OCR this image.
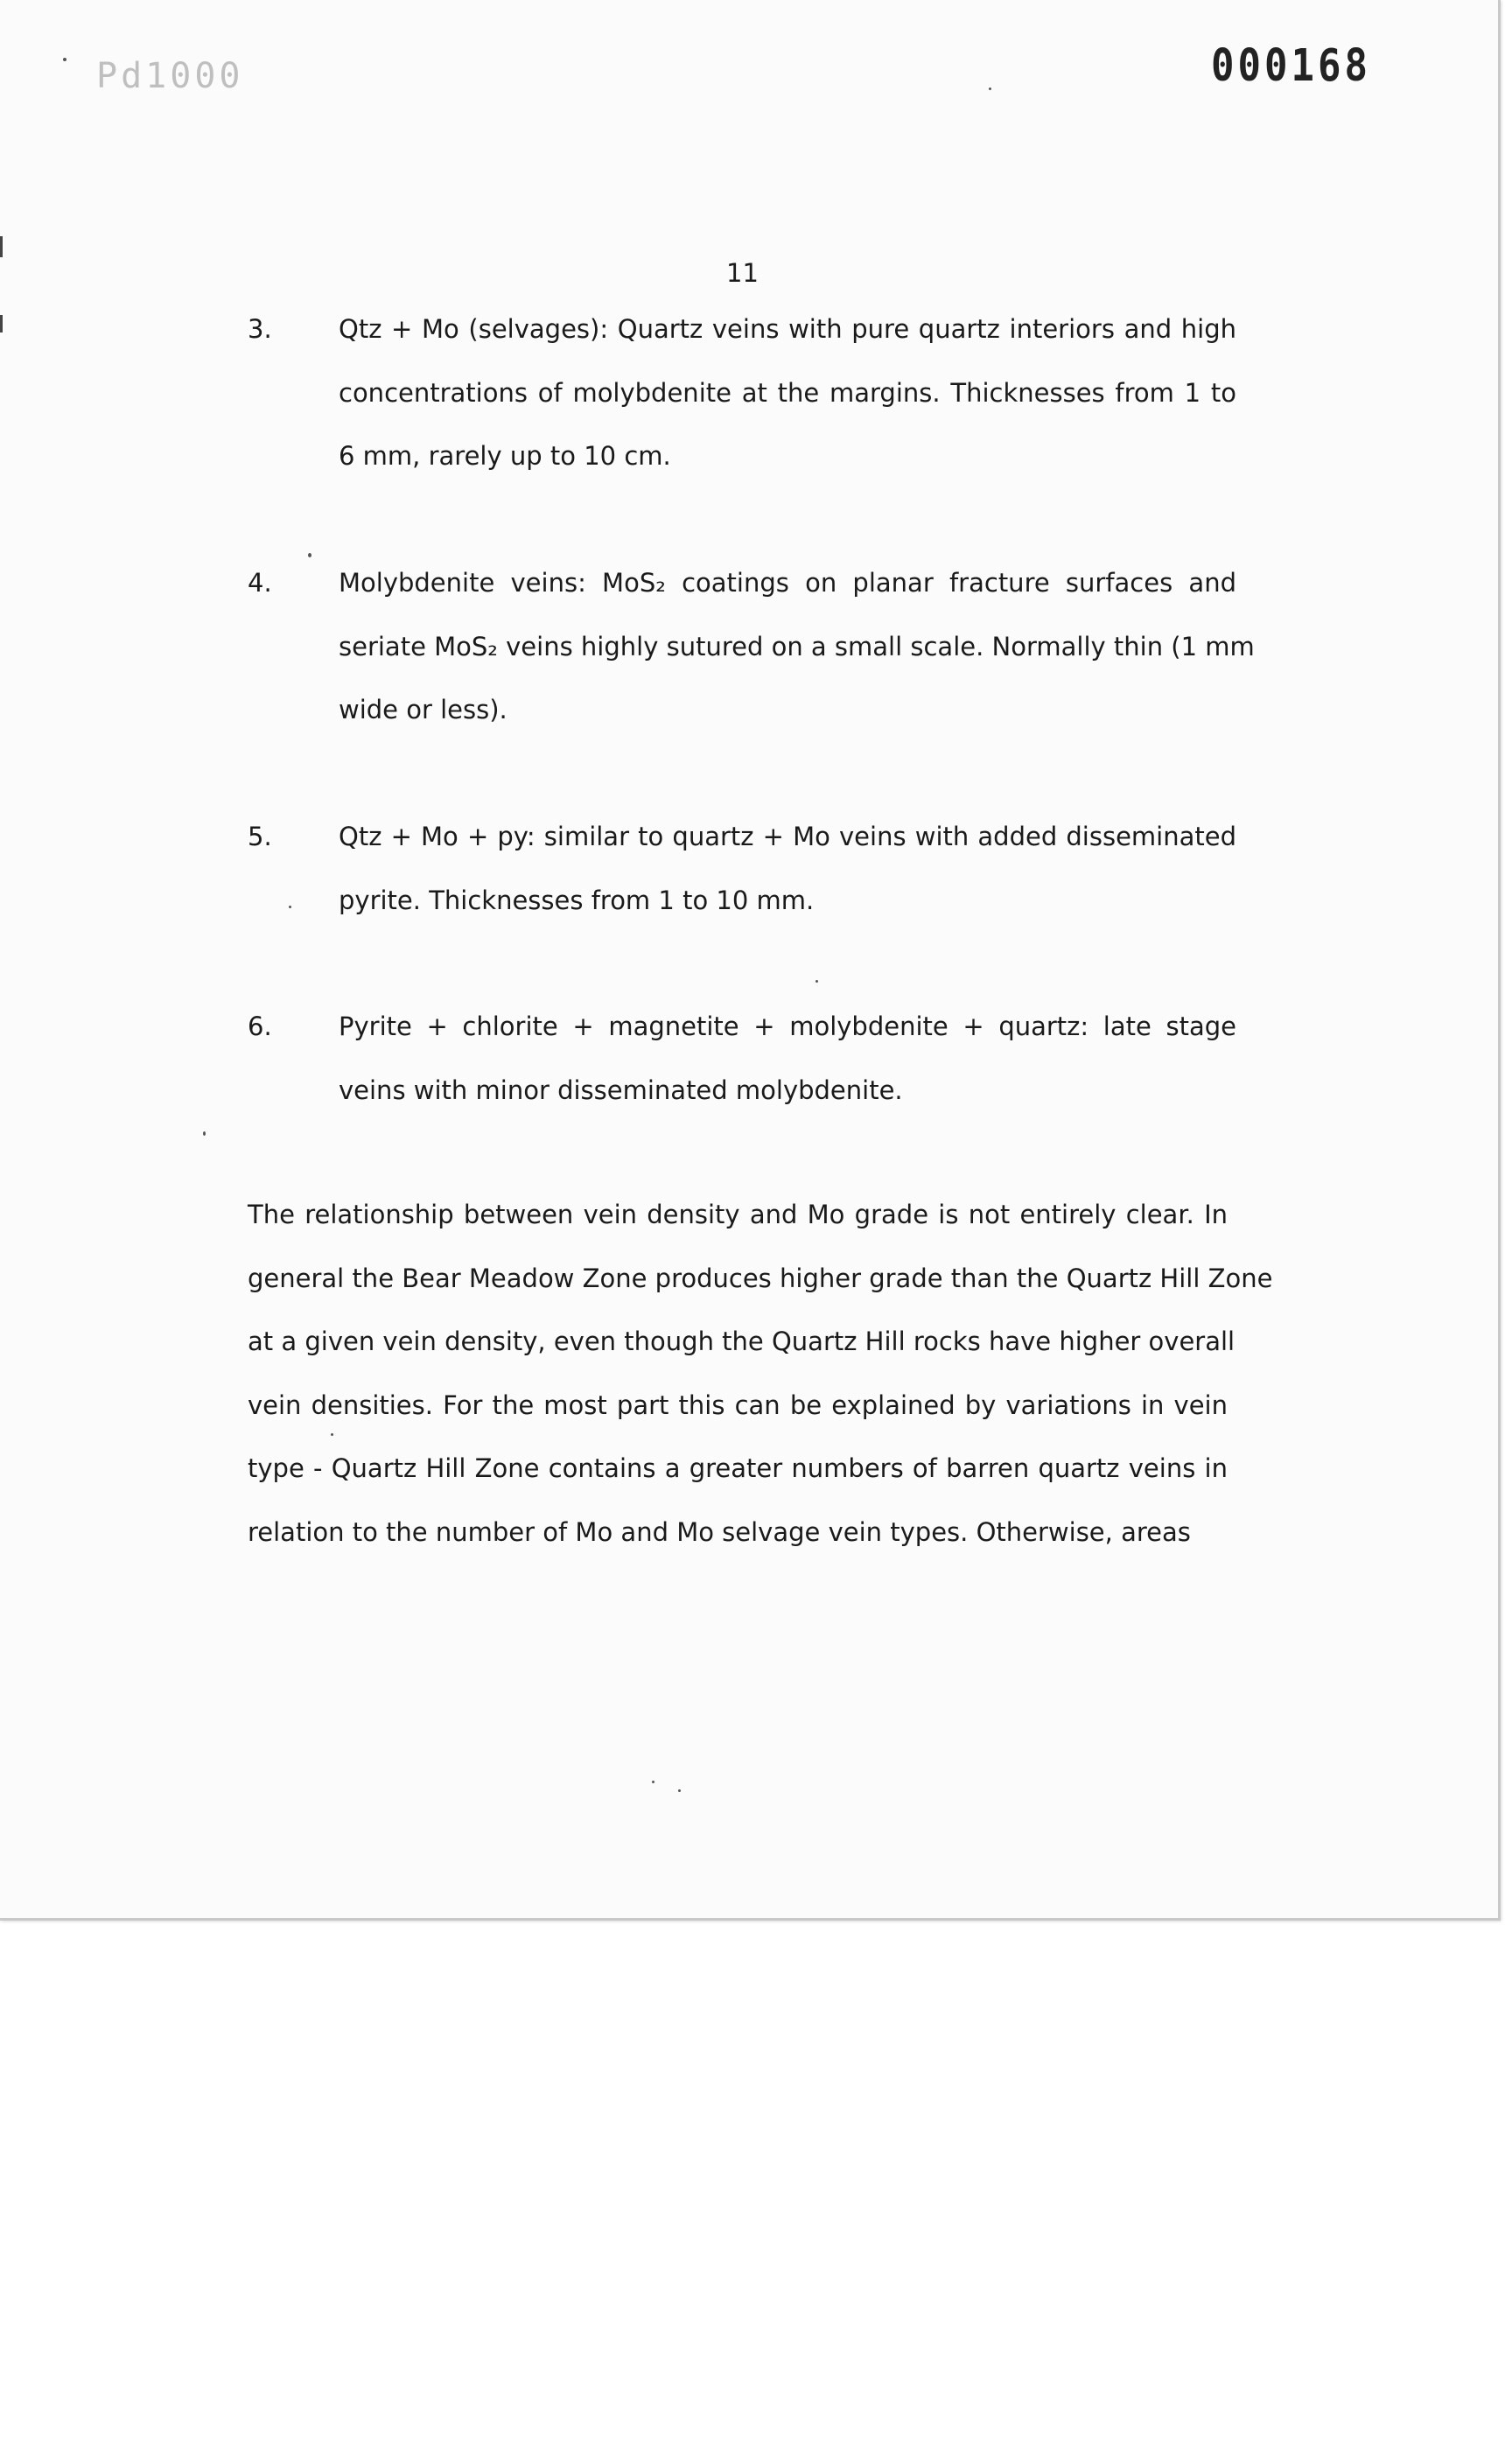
Pd1000	000168
11
3.	Qtz + Mo (selvages): Quartz veins with pure quartz interiors and high
concentrations of molybdenite at the margins. Thicknesses from 1 to
6 mm, rarely up to 10 cm.
4.	Molybdenite veins: MoS₂ coatings on planar fracture surfaces and
seriate MoS₂ veins highly sutured on a small scale. Normally thin (1 mm
wide or less).
5.	Qtz + Mo + py: similar to quartz + Mo veins with added disseminated
pyrite. Thicknesses from 1 to 10 mm.
6.	Pyrite + chlorite + magnetite + molybdenite + quartz: late stage
veins with minor disseminated molybdenite.
The relationship between vein density and Mo grade is not entirely clear. In
general the Bear Meadow Zone produces higher grade than the Quartz Hill Zone
at a given vein density, even though the Quartz Hill rocks have higher overall
vein densities. For the most part this can be explained by variations in vein
type - Quartz Hill Zone contains a greater numbers of barren quartz veins in
relation to the number of Mo and Mo selvage vein types. Otherwise, areas
